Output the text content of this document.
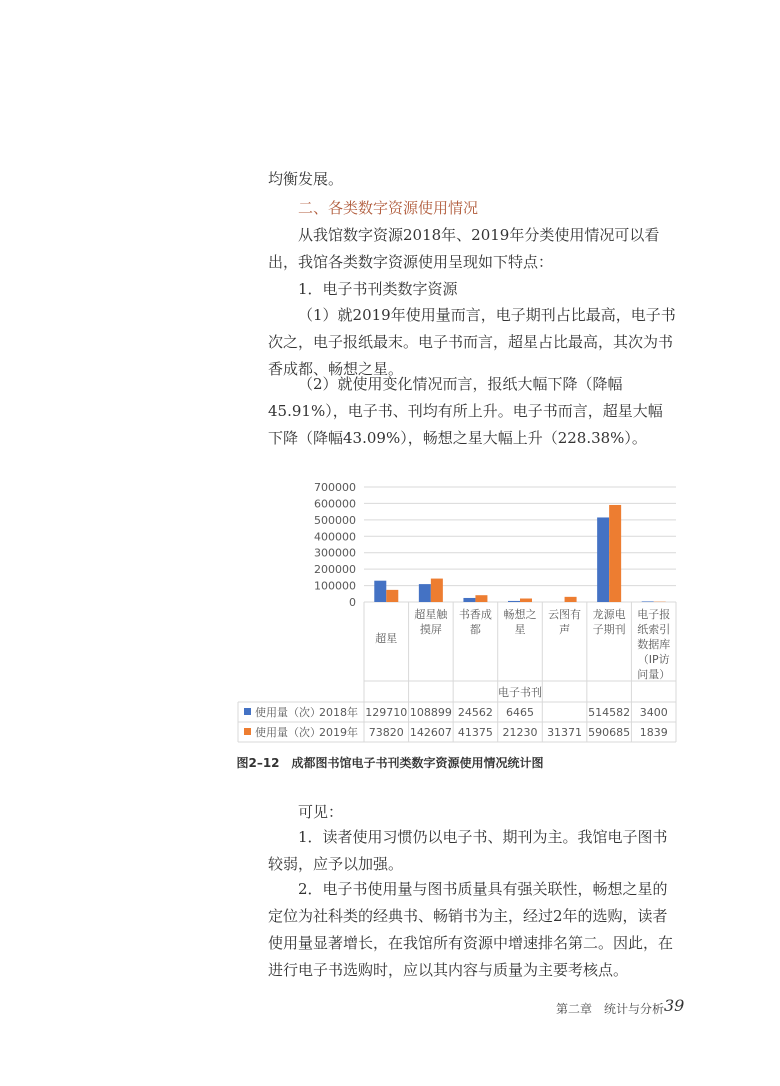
均衡发展。

二、各类数字资源使用情况

从我馆数字资源2018年、2019年分类使用情况可以看出，我馆各类数字资源使用呈现如下特点：

1．电子书刊类数字资源

（1）就2019年使用量而言，电子期刊占比最高，电子书次之，电子报纸最末。电子书而言，超星占比最高，其次为书香成都、畅想之星。

（2）就使用变化情况而言，报纸大幅下降（降幅45.91%），电子书、刊均有所上升。电子书而言，超星大幅下降（降幅43.09%），畅想之星大幅上升（228.38%）。

0
100000
200000
300000
400000
500000
600000
700000
超星
超星触
摸屏
书香成
都
畅想之
星
云图有
声
龙源电
子期刊
电子报
纸索引
数据库
（IP访
问量）
电子书刊
使用量（次）
2018年 129710 108899 24562 6465	514582 3400
使用量（次）
2019年 73820 142607 41375 21230 31371 590685 1839
图2–12　成都图书馆电子书刊类数字资源使用情况统计图

可见：

1．读者使用习惯仍以电子书、期刊为主。我馆电子图书较弱，应予以加强。

2．电子书使用量与图书质量具有强关联性，畅想之星的定位为社科类的经典书、畅销书为主，经过2年的选购，读者使用量显著增长，在我馆所有资源中增速排名第二。因此，在进行电子书选购时，应以其内容与质量为主要考核点。

第二章　统计与分析 39
